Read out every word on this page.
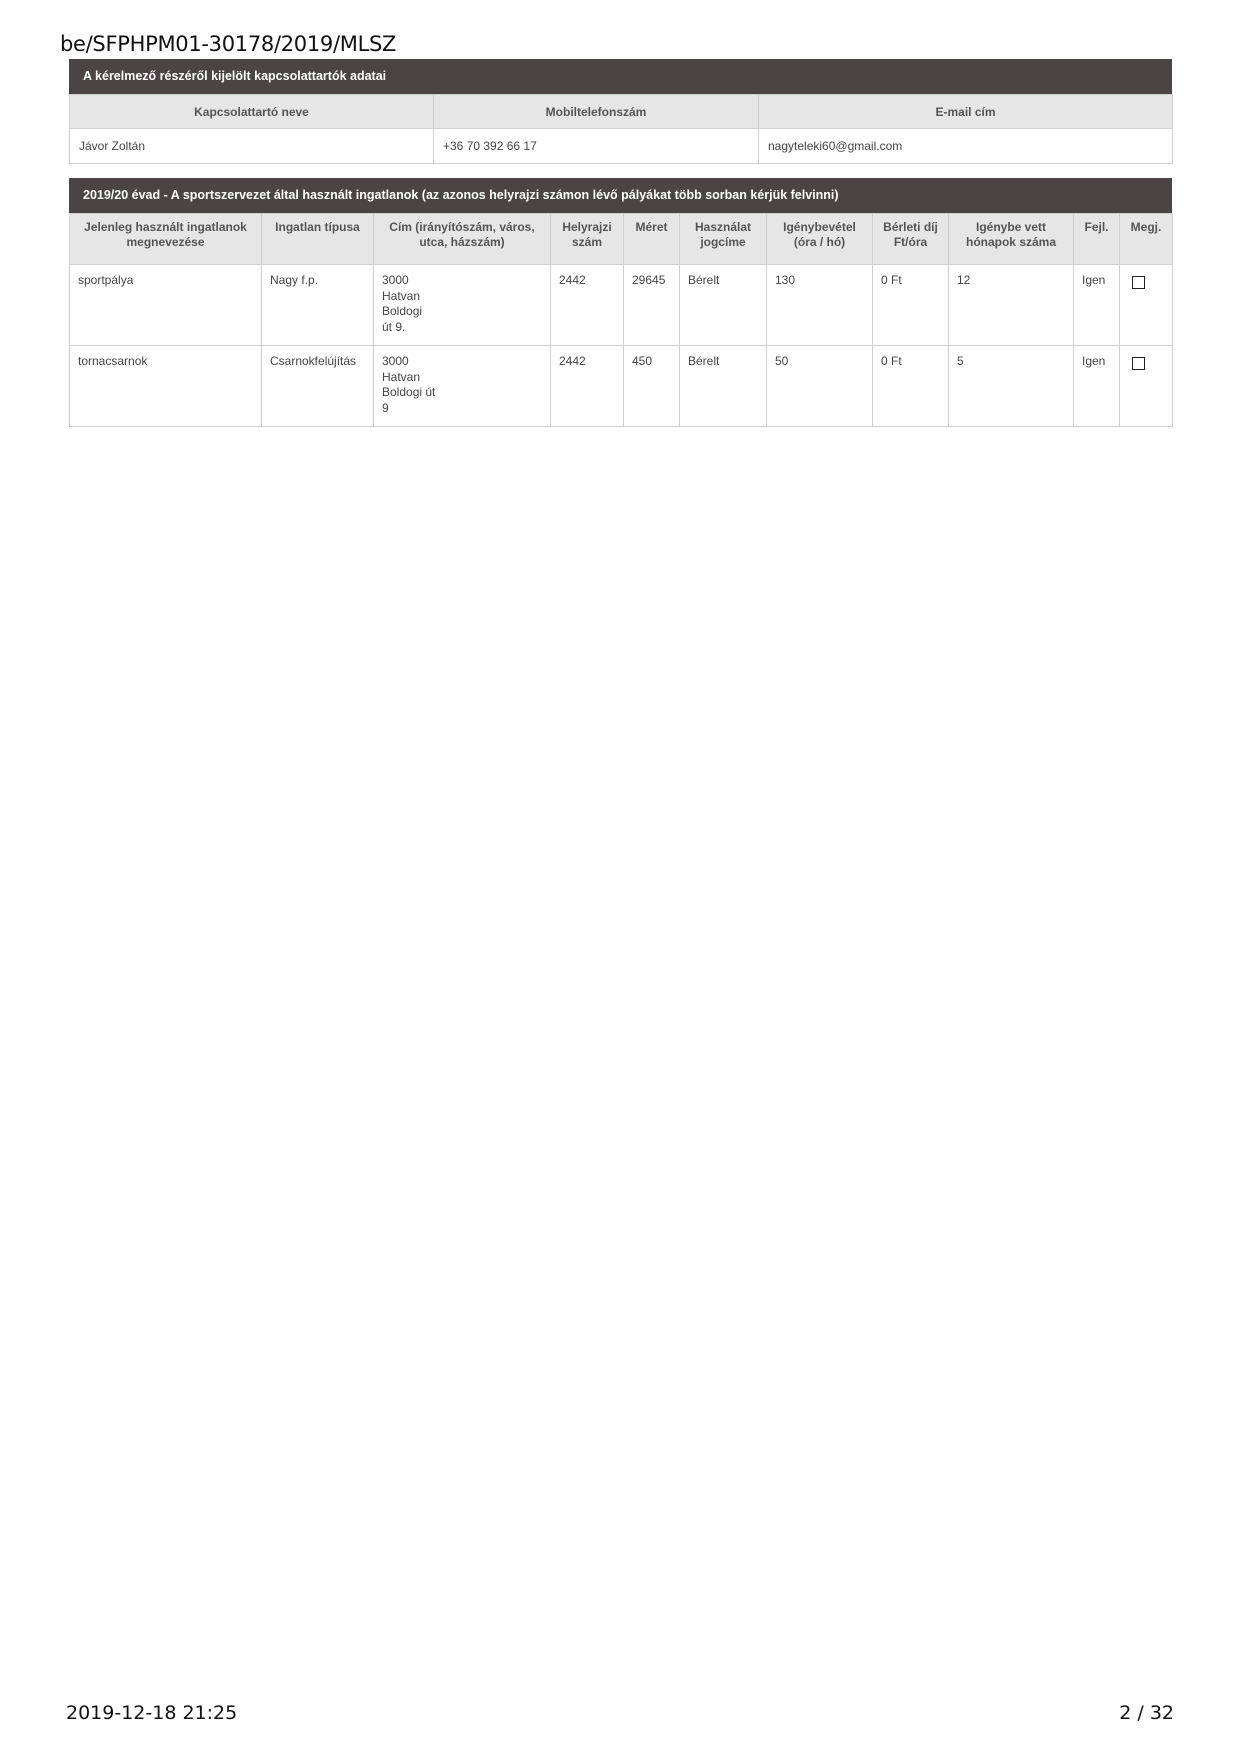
be/SFPHPM01-30178/2019/MLSZ
A kérelmező részéről kijelölt kapcsolattartók adatai
Kapcsolattartó neve	Mobiltelefonszám	E-mail cím
Jávor Zoltán	+36 70 392 66 17	nagyteleki60@gmail.com
2019/20 évad - A sportszervezet által használt ingatlanok (az azonos helyrajzi számon lévő pályákat több sorban kérjük felvinni)
Jelenleg használt ingatlanok megnevezése	Ingatlan típusa	Cím (irányítószám, város, utca, házszám)	Helyrajzi szám	Méret	Használat jogcíme	Igénybevétel (óra / hó)	Bérleti díj Ft/óra	Igénybe vett hónapok száma	Fejl.	Megj.
sportpálya	Nagy f.p.	3000
Hatvan
Boldogi
út 9.	2442	29645	Bérelt	130	0 Ft	12	Igen	
tornacsarnok	Csarnokfelújítás	3000
Hatvan
Boldogi út
9	2442	450	Bérelt	50	0 Ft	5	Igen	
2019-12-18 21:25	2 / 32
